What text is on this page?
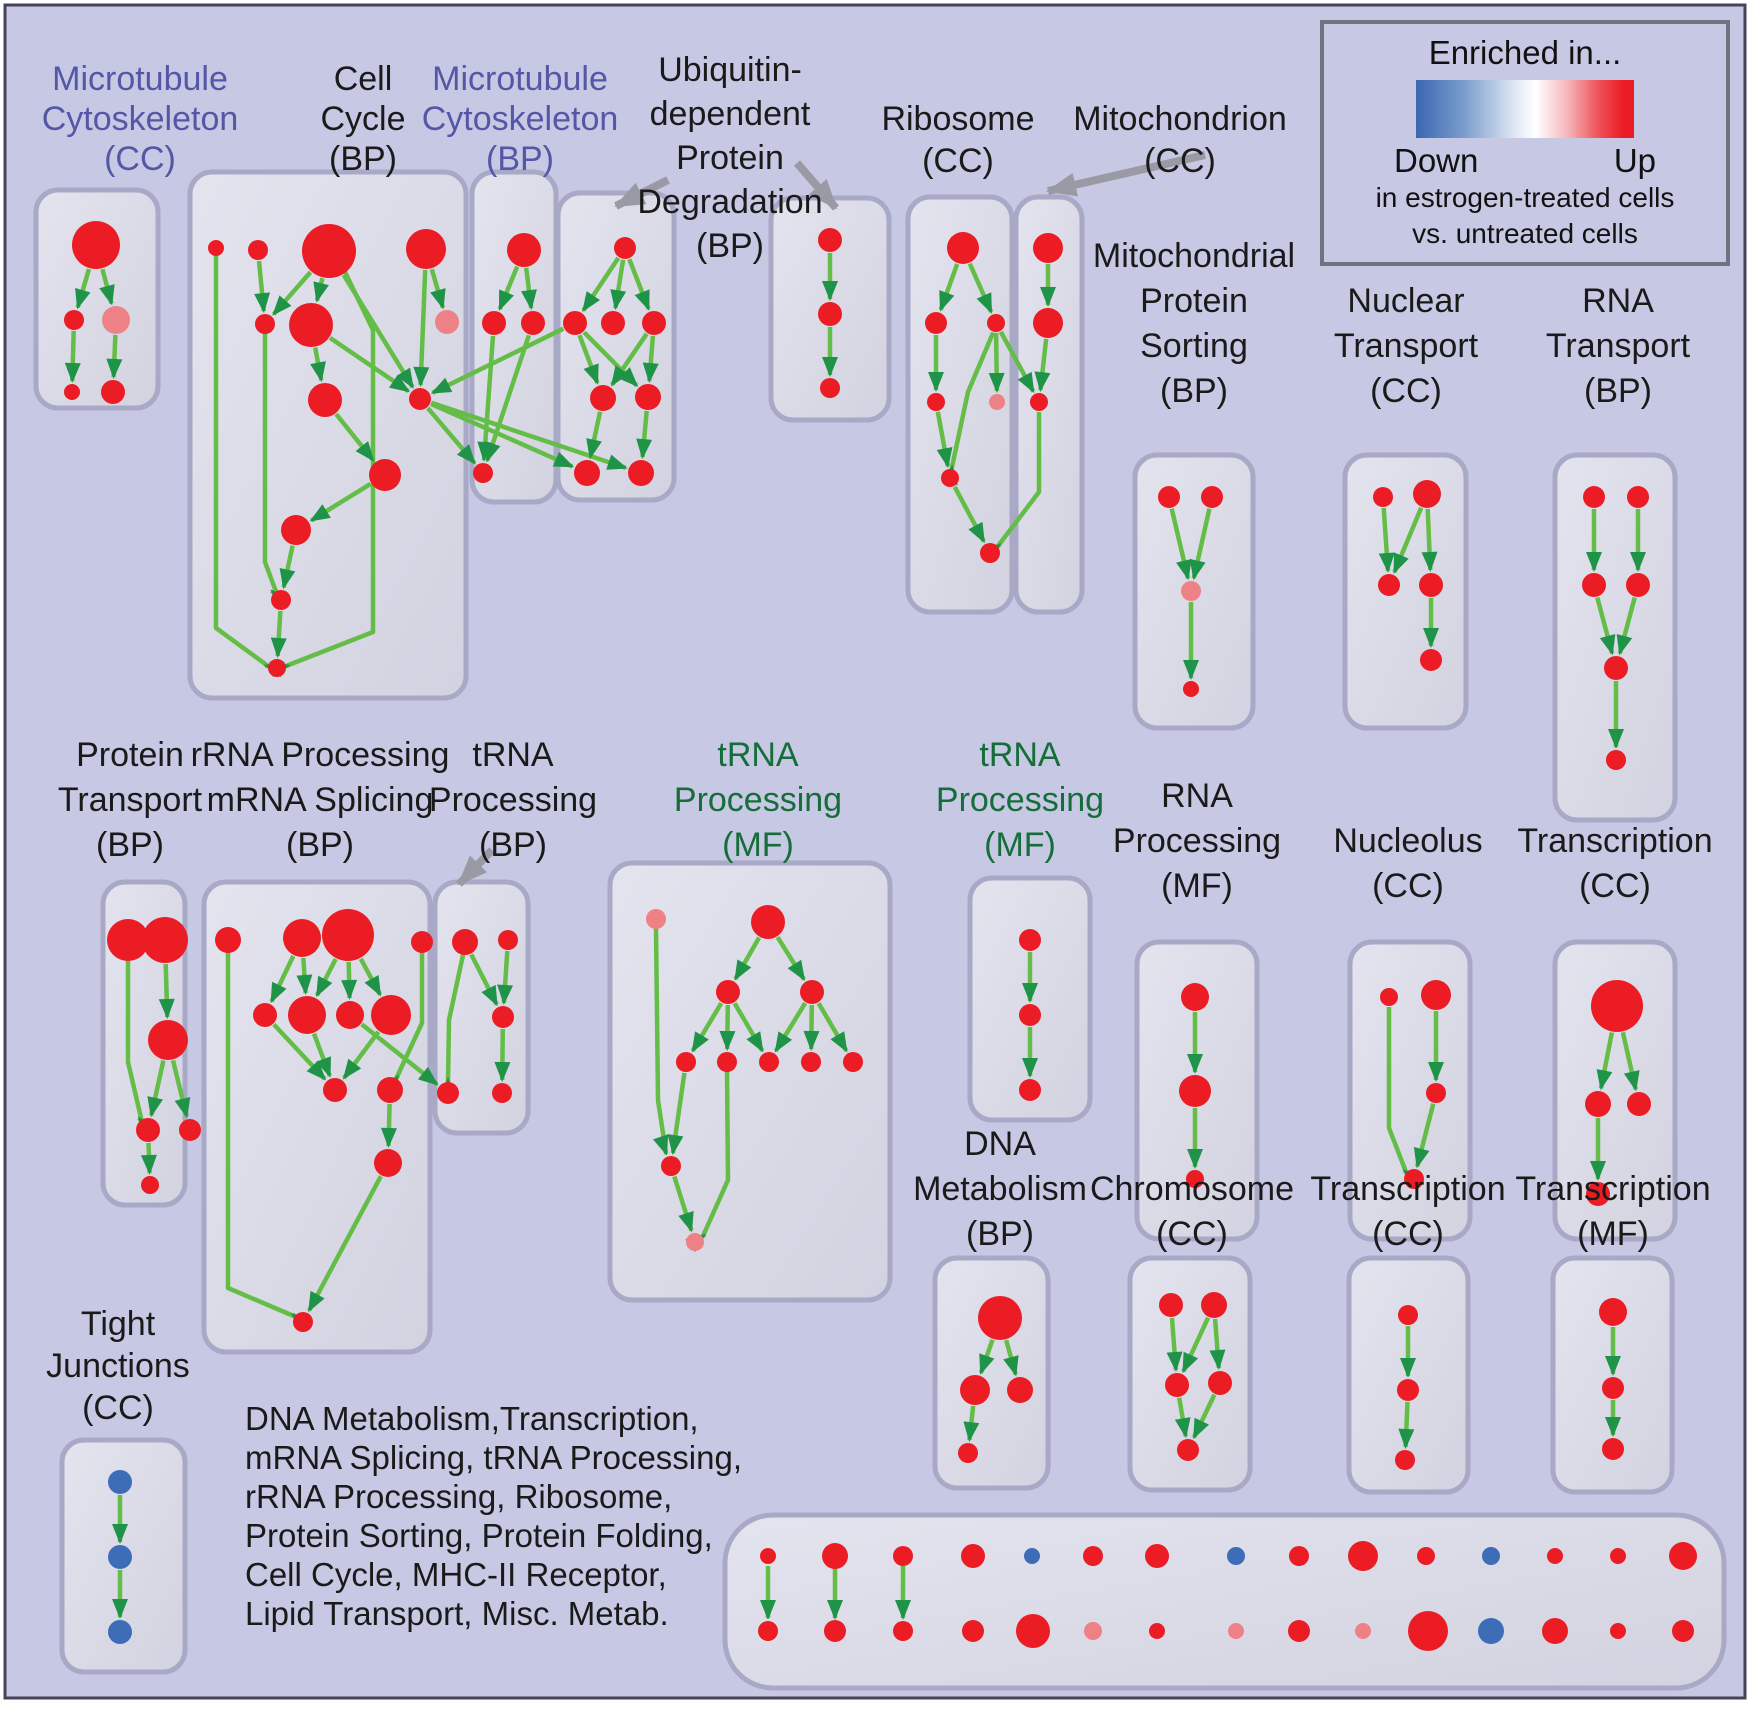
Microtubule Cytoskeleton (CC)
Cell Cycle (BP)
Microtubule Cytoskeleton (BP)
Ubiquitin-dependent Protein Degradation (BP)
Ribosome (CC)
Mitochondrion (CC)
Mitochondrial Protein Sorting (BP)
Nuclear Transport (CC)
RNA Transport (BP)
Protein Transport (BP)
rRNA Processing mRNA Splicing (BP)
tRNA Processing (BP)
tRNA Processing (MF)
tRNA Processing (MF)
RNA Processing (MF)
Nucleolus (CC)
Transcription (CC)
DNA Metabolism (BP)
Chromosome (CC)
Transcription (CC)
Transcription (MF)
Tight Junctions (CC)	DNA Metabolism,Transcription, mRNA Splicing, tRNA Processing, rRNA Processing, Ribosome, Protein Sorting, Protein Folding, Cell Cycle, MHC-II Receptor, Lipid Transport, Misc. Metab.
Enriched in...
Down	Up
in estrogen-treated cells
vs. untreated cells
